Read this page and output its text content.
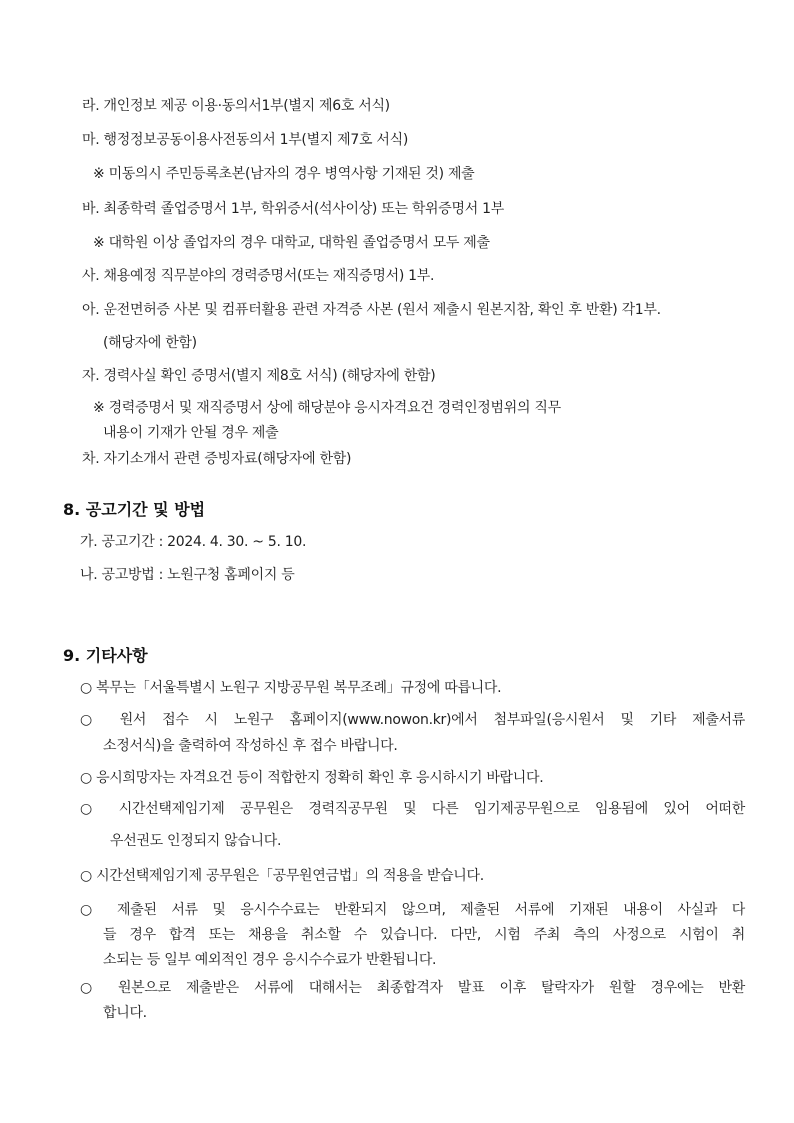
라. 개인정보 제공 이용·동의서1부(별지 제6호 서식)
마. 행정정보공동이용사전동의서 1부(별지 제7호 서식)
※ 미동의시 주민등록초본(남자의 경우 병역사항 기재된 것) 제출
바. 최종학력 졸업증명서 1부, 학위증서(석사이상) 또는 학위증명서 1부
※ 대학원 이상 졸업자의 경우 대학교, 대학원 졸업증명서 모두 제출
사. 채용예정 직무분야의 경력증명서(또는 재직증명서) 1부.
아. 운전면허증 사본 및 컴퓨터활용 관련 자격증 사본 (원서 제출시 원본지참, 확인 후 반환) 각1부.
(해당자에 한함)
자. 경력사실 확인 증명서(별지 제8호 서식) (해당자에 한함)
※ 경력증명서 및 재직증명서 상에 해당분야 응시자격요건 경력인정범위의 직무
내용이 기재가 안될 경우 제출
차. 자기소개서 관련 증빙자료(해당자에 한함)
8. 공고기간 및 방법
가. 공고기간 : 2024. 4. 30. ~ 5. 10.
나. 공고방법 : 노원구청 홈페이지 등
9. 기타사항
○ 복무는「서울특별시 노원구 지방공무원 복무조례」규정에 따릅니다.
○ 원서 접수 시 노원구 홈페이지(www.nowon.kr)에서 첨부파일(응시원서 및 기타 제출서류
소정서식)을 출력하여 작성하신 후 접수 바랍니다.
○ 응시희망자는 자격요건 등이 적합한지 정확히 확인 후 응시하시기 바랍니다.
○ 시간선택제임기제 공무원은 경력직공무원 및 다른 임기제공무원으로 임용됨에 있어 어떠한
우선권도 인정되지 않습니다.
○ 시간선택제임기제 공무원은「공무원연금법」의 적용을 받습니다.
○ 제출된 서류 및 응시수수료는 반환되지 않으며, 제출된 서류에 기재된 내용이 사실과 다
들 경우 합격 또는 채용을 취소할 수 있습니다. 다만, 시험 주최 측의 사정으로 시험이 취
소되는 등 일부 예외적인 경우 응시수수료가 반환됩니다.
○ 원본으로 제출받은 서류에 대해서는 최종합격자 발표 이후 탈락자가 원할 경우에는 반환
합니다.
